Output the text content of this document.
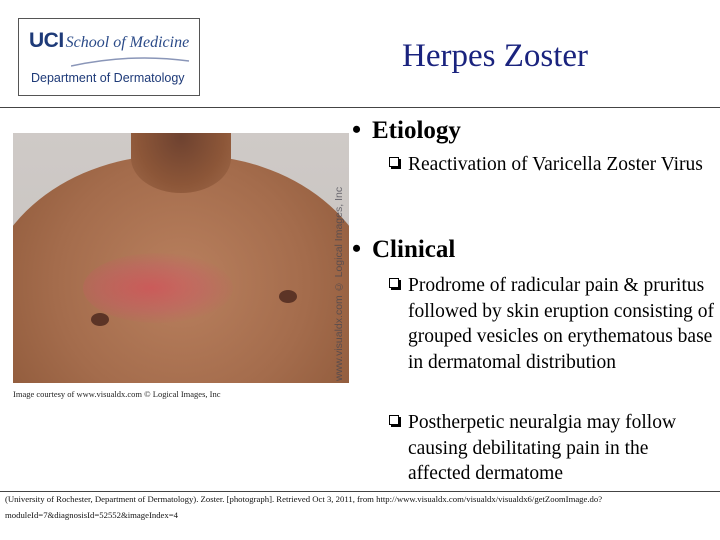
UCI School of Medicine
Department of Dermatology
Herpes Zoster
www.visualdx.com © Logical Images, Inc
Image courtesy of www.visualdx.com © Logical Images, Inc
• Etiology
Reactivation of Varicella Zoster Virus
• Clinical
Prodrome of radicular pain & pruritus followed by skin eruption consisting of grouped vesicles on erythematous base in dermatomal distribution
Postherpetic neuralgia may follow causing debilitating pain in the affected dermatome
(University of Rochester, Department of Dermatology). Zoster. [photograph]. Retrieved Oct 3, 2011, from http://www.visualdx.com/visualdx/visualdx6/getZoomImage.do?moduleId=7&diagnosisId=52552&imageIndex=4
